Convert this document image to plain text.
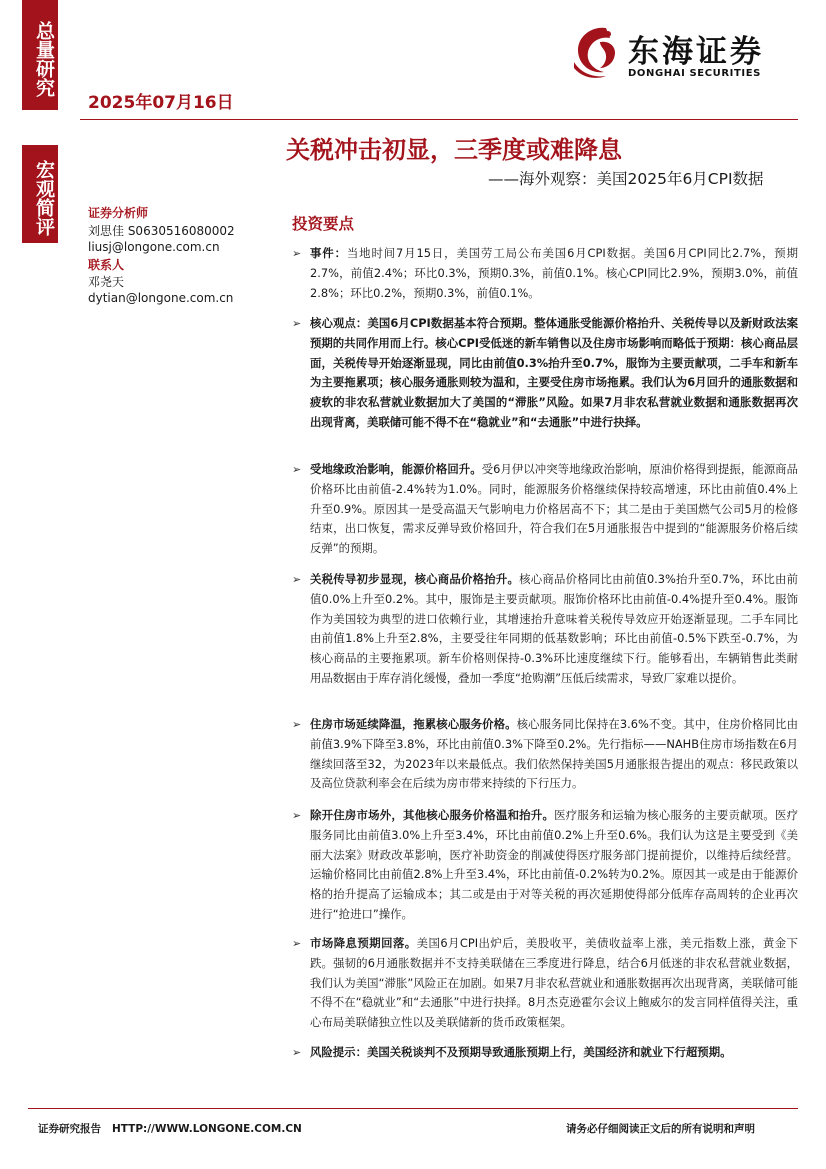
总量研究
宏观简评
2025年07月16日
东海证券
DONGHAI SECURITIES
关税冲击初显，三季度或难降息
——海外观察：美国2025年6月CPI数据
证券分析师
刘思佳 S0630516080002
liusj@longone.com.cn
联系人
邓尧天
dytian@longone.com.cn
投资要点
➢ 事件：当地时间7月15日，美国劳工局公布美国6月CPI数据。美国6月CPI同比2.7%，预期2.7%，前值2.4%；环比0.3%，预期0.3%，前值0.1%。核心CPI同比2.9%，预期3.0%，前值2.8%；环比0.2%，预期0.3%，前值0.1%。
➢ 核心观点：美国6月CPI数据基本符合预期。整体通胀受能源价格抬升、关税传导以及新财政法案预期的共同作用而上行。核心CPI受低迷的新车销售以及住房市场影响而略低于预期：核心商品层面，关税传导开始逐渐显现，同比由前值0.3%抬升至0.7%，服饰为主要贡献项，二手车和新车为主要拖累项；核心服务通胀则较为温和，主要受住房市场拖累。我们认为6月回升的通胀数据和疲软的非农私营就业数据加大了美国的“滞胀”风险。如果7月非农私营就业数据和通胀数据再次出现背离，美联储可能不得不在“稳就业”和“去通胀”中进行抉择。
➢ 受地缘政治影响，能源价格回升。受6月伊以冲突等地缘政治影响，原油价格得到提振，能源商品价格环比由前值-2.4%转为1.0%。同时，能源服务价格继续保持较高增速，环比由前值0.4%上升至0.9%。原因其一是受高温天气影响电力价格居高不下；其二是由于美国燃气公司5月的检修结束，出口恢复，需求反弹导致价格回升，符合我们在5月通胀报告中提到的“能源服务价格后续反弹”的预期。
➢ 关税传导初步显现，核心商品价格抬升。核心商品价格同比由前值0.3%抬升至0.7%，环比由前值0.0%上升至0.2%。其中，服饰是主要贡献项。服饰价格环比由前值-0.4%提升至0.4%。服饰作为美国较为典型的进口依赖行业，其增速抬升意味着关税传导效应开始逐渐显现。二手车同比由前值1.8%上升至2.8%，主要受往年同期的低基数影响；环比由前值-0.5%下跌至-0.7%，为核心商品的主要拖累项。新车价格则保持-0.3%环比速度继续下行。能够看出，车辆销售此类耐用品数据由于库存消化缓慢，叠加一季度“抢购潮”压低后续需求，导致厂家难以提价。
➢ 住房市场延续降温，拖累核心服务价格。核心服务同比保持在3.6%不变。其中，住房价格同比由前值3.9%下降至3.8%，环比由前值0.3%下降至0.2%。先行指标——NAHB住房市场指数在6月继续回落至32，为2023年以来最低点。我们依然保持美国5月通胀报告提出的观点：移民政策以及高位贷款利率会在后续为房市带来持续的下行压力。
➢ 除开住房市场外，其他核心服务价格温和抬升。医疗服务和运输为核心服务的主要贡献项。医疗服务同比由前值3.0%上升至3.4%，环比由前值0.2%上升至0.6%。我们认为这是主要受到《美丽大法案》财政改革影响，医疗补助资金的削减使得医疗服务部门提前提价，以维持后续经营。运输价格同比由前值2.8%上升至3.4%，环比由前值-0.2%转为0.2%。原因其一或是由于能源价格的抬升提高了运输成本；其二或是由于对等关税的再次延期使得部分低库存高周转的企业再次进行“抢进口”操作。
➢ 市场降息预期回落。美国6月CPI出炉后，美股收平，美债收益率上涨，美元指数上涨，黄金下跌。强韧的6月通胀数据并不支持美联储在三季度进行降息，结合6月低迷的非农私营就业数据，我们认为美国“滞胀”风险正在加剧。如果7月非农私营就业和通胀数据再次出现背离，美联储可能不得不在“稳就业”和“去通胀”中进行抉择。8月杰克逊霍尔会议上鲍威尔的发言同样值得关注，重心布局美联储独立性以及美联储新的货币政策框架。
➢ 风险提示：美国关税谈判不及预期导致通胀预期上行，美国经济和就业下行超预期。
证券研究报告   HTTP://WWW.LONGONE.COM.CN	请务必仔细阅读正文后的所有说明和声明
